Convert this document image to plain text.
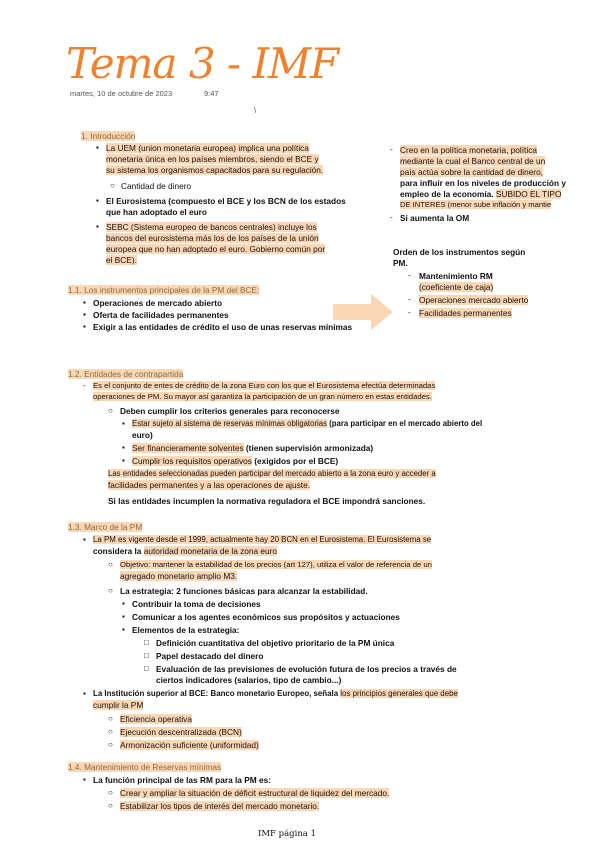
Tema 3 - IMF
martes, 10 de octubre de 2023	9:47
\
1. Introducción
▪ La UEM (union monetaria europea) implica una política
monetaria única en los países miembros, siendo el BCE y
su sistema los organismos capacitados para su regulación.
○ Cantidad de dinero
▪ El Eurosistema (compuesto el BCE y los BCN de los estados
que han adoptado el euro
▪ SEBC (Sistema europeo de bancos centrales) incluye los
bancos del eurosistema más los de los países de la unión
europea que no han adoptado el euro. Gobierno común por
el BCE).
1.1. Los instrumentos principales de la PM del BCE:
▪ Operaciones de mercado abierto
▪ Oferta de facilidades permanentes
▪ Exigir a las entidades de crédito el uso de unas reservas mínimas
- Creo en la política monetaria, política
mediante la cual el Banco central de un
país actúa sobre la cantidad de dinero,
para influir en los niveles de producción y
empleo de la economía. SUBIDO EL TIPO
DE INTERES (menor sube inflación y mantie
- Si aumenta la OM
Orden de los instrumentos según
PM.
- Mantenimiento RM
(coeficiente de caja)
- Operaciones mercado abierto
- Facilidades permanentes
1.2. Entidades de contrapartida
- Es el conjunto de entes de crédito de la zona Euro con los que el Eurosistema efectúa determinadas
operaciones de PM. Su mayor así garantiza la participación de un gran número en estas entidades.
○ Deben cumplir los criterios generales para reconocerse
▪ Estar sujeto al sistema de reservas mínimas obligatorias (para participar en el mercado abierto del
euro)
▪ Ser financieramente solventes (tienen supervisión armonizada)
▪ Cumplir los requisitos operativos (exigidos por el BCE)
Las entidades seleccionadas pueden participar del mercado abierto a la zona euro y acceder a
facilidades permanentes y a las operaciones de ajuste.
Si las entidades incumplen la normativa reguladora el BCE impondrá sanciones.
1.3. Marco de la PM
▪ La PM es vigente desde el 1999, actualmente hay 20 BCN en el Eurosistema. El Eurosistema se
considera la autoridad monetaria de la zona euro
○ Objetivo: mantener la estabilidad de los precios (art 127), utiliza el valor de referencia de un
agregado monetario amplio M3.
○ La estrategia: 2 funciones básicas para alcanzar la estabilidad.
▪ Contribuir la toma de decisiones
▪ Comunicar a los agentes económicos sus propósitos y actuaciones
▪ Elementos de la estrategia:
□ Definición cuantitativa del objetivo prioritario de la PM única
□ Papel destacado del dinero
□ Evaluación de las previsiones de evolución futura de los precios a través de
ciertos indicadores (salarios, tipo de cambio...)
▪ La Institución superior al BCE: Banco monetario Europeo, señala los principios generales que debe
cumplir la PM
○ Eficiencia operativa
○ Ejecución descentralizada (BCN)
○ Armonización suficiente (uniformidad)
1.4. Mantenimiento de Reservas mínimas
▪ La función principal de las RM para la PM es:
○ Crear y ampliar la situación de déficit estructural de liquidez del mercado.
○ Estabilizar los tipos de interés del mercado monetario.
IMF página 1
